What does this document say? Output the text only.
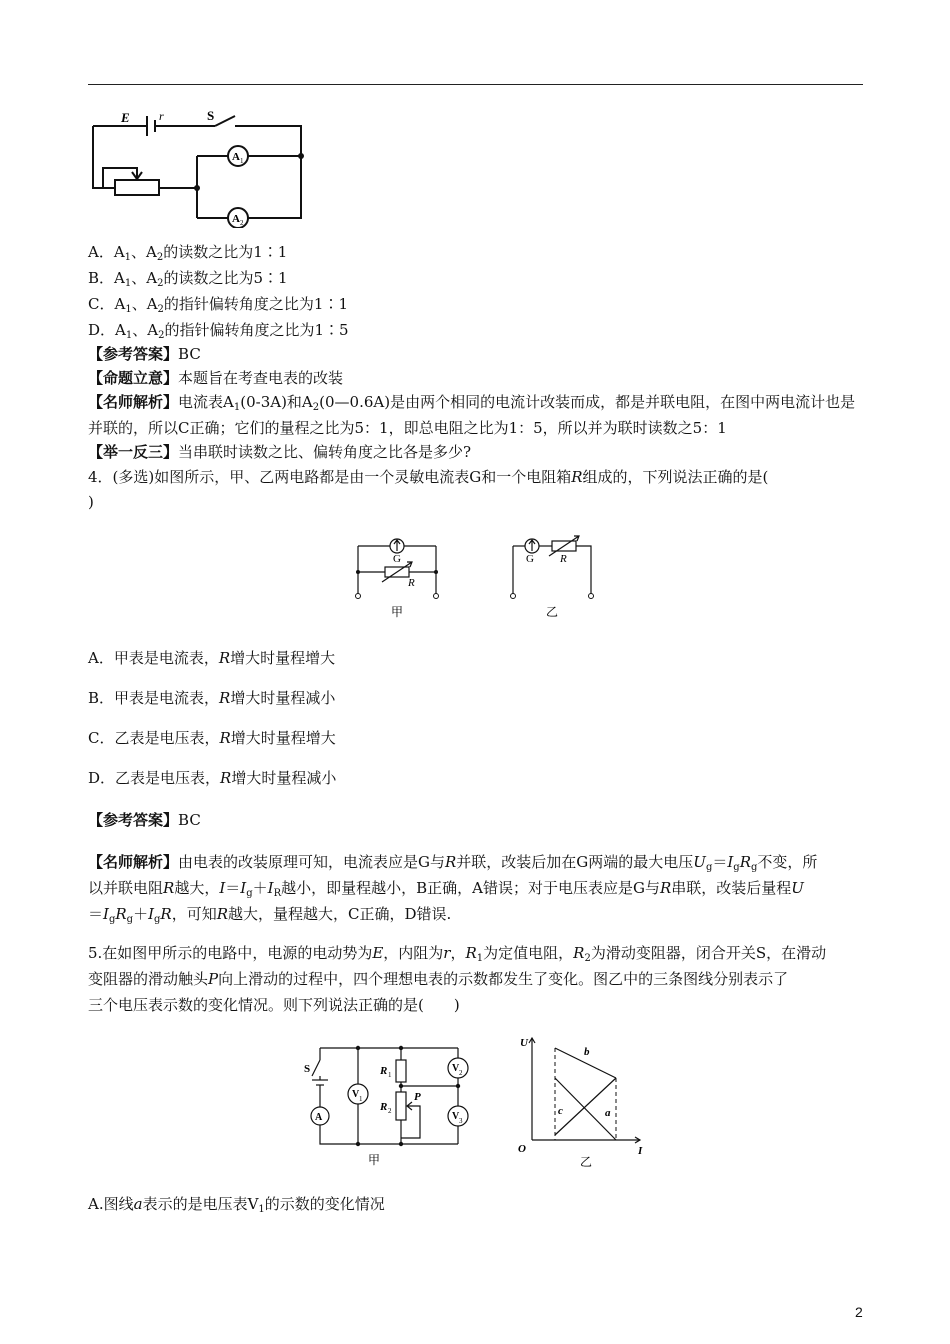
E r	S
A 1
A 2
A．$A_1$、$A_2$的读数之比为1∶1
B．$A_1$、$A_2$的读数之比为5∶1
C．$A_1$、$A_2$的指针偏转角度之比为1∶1
D．$A_1$、$A_2$的指针偏转角度之比为1∶5
【参考答案】BC
【命题立意】本题旨在考查电表的改装
【名师解析】电流表$A_1(0-3A)$和$A_2(0—0.6A)$是由两个相同的电流计改装而成，都是并联电阻，在图中两电流计也是并联的，所以C正确；它们的量程之比为5：1，即总电阻之比为1：5，所以并为联时读数之5：1
【举一反三】当串联时读数之比、偏转角度之比各是多少?
4．(多选)如图所示，甲、乙两电路都是由一个灵敏电流表G和一个电阻箱R组成的，下列说法正确的是(
)
G
R
甲
G R
乙
A．甲表是电流表，R增大时量程增大
B．甲表是电流表，R增大时量程减小
C．乙表是电压表，R增大时量程增大
D．乙表是电压表，R增大时量程减小
【参考答案】BC
【名师解析】由电表的改装原理可知，电流表应是G与R并联，改装后加在G两端的最大电压$U_g=I_gR_g$不变，所
以并联电阻R越大，$I=I_g+I_R$越小，即量程越小，B正确，A错误；对于电压表应是G与R串联，改装后量程U
$=I_gR_g+I_gR$，可知R越大，量程越大，C正确，D错误.
5.在如图甲所示的电路中，电源的电动势为E，内阻为r，$R_1$为定值电阻，$R_2$为滑动变阻器，闭合开关S，在滑动
变阻器的滑动触头P向上滑动的过程中，四个理想电表的示数都发生了变化。图乙中的三条图线分别表示了
三个电压表示数的变化情况。则下列说法正确的是(　　)
S
A
V 1
V 2
V 3
R 1
R 2
P
甲
U
I
O
b
c	a
乙
A.图线a表示的是电压表$V_1$的示数的变化情况
2
